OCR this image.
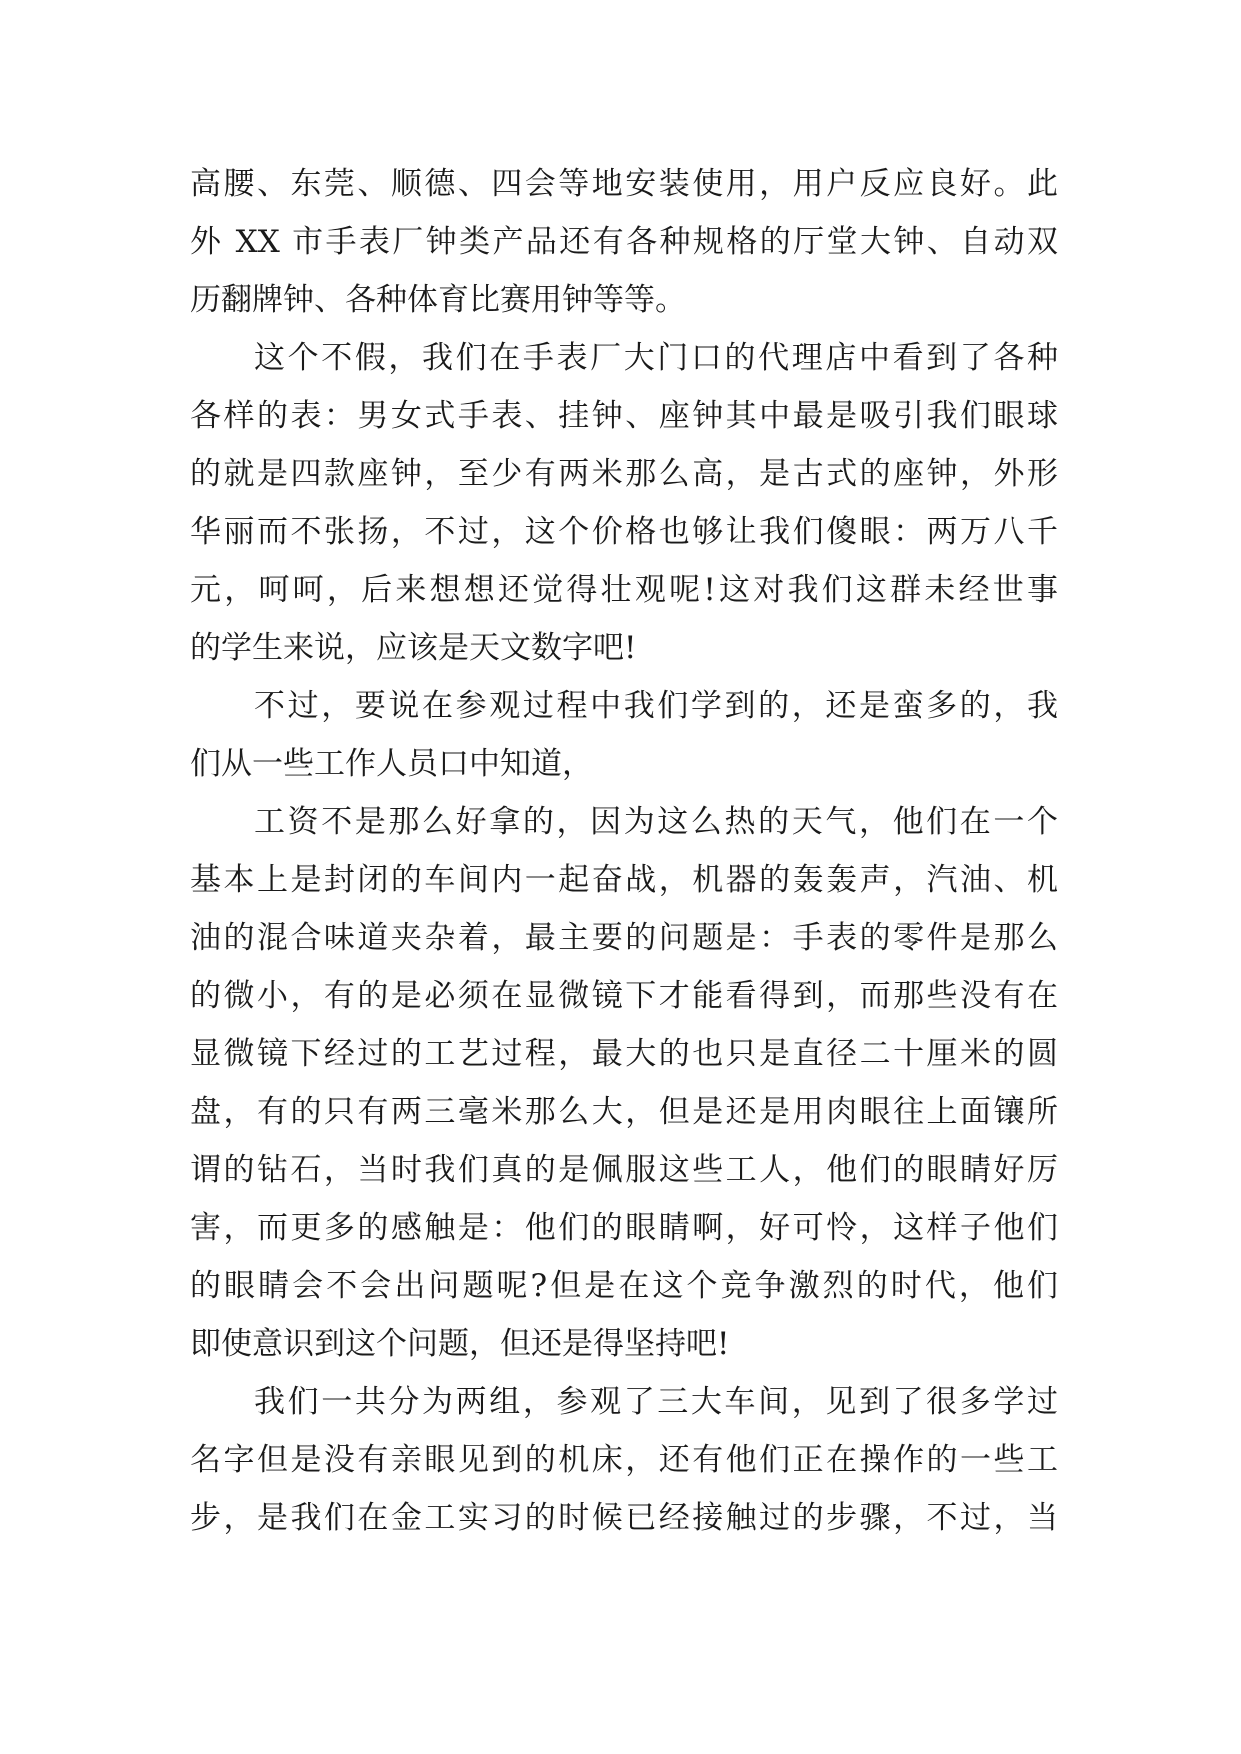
高腰、东莞、顺德、四会等地安装使用，用户反应良好。此
外 XX 市手表厂钟类产品还有各种规格的厅堂大钟、自动双
历翻牌钟、各种体育比赛用钟等等。
这个不假，我们在手表厂大门口的代理店中看到了各种
各样的表：男女式手表、挂钟、座钟其中最是吸引我们眼球
的就是四款座钟，至少有两米那么高，是古式的座钟，外形
华丽而不张扬，不过，这个价格也够让我们傻眼：两万八千
元，呵呵，后来想想还觉得壮观呢!这对我们这群未经世事
的学生来说，应该是天文数字吧!
不过，要说在参观过程中我们学到的，还是蛮多的，我
们从一些工作人员口中知道，
工资不是那么好拿的，因为这么热的天气，他们在一个
基本上是封闭的车间内一起奋战，机器的轰轰声，汽油、机
油的混合味道夹杂着，最主要的问题是：手表的零件是那么
的微小，有的是必须在显微镜下才能看得到，而那些没有在
显微镜下经过的工艺过程，最大的也只是直径二十厘米的圆
盘，有的只有两三毫米那么大，但是还是用肉眼往上面镶所
谓的钻石，当时我们真的是佩服这些工人，他们的眼睛好厉
害，而更多的感触是：他们的眼睛啊，好可怜，这样子他们
的眼睛会不会出问题呢?但是在这个竞争激烈的时代，他们
即使意识到这个问题，但还是得坚持吧!
我们一共分为两组，参观了三大车间，见到了很多学过
名字但是没有亲眼见到的机床，还有他们正在操作的一些工
步，是我们在金工实习的时候已经接触过的步骤，不过，当
